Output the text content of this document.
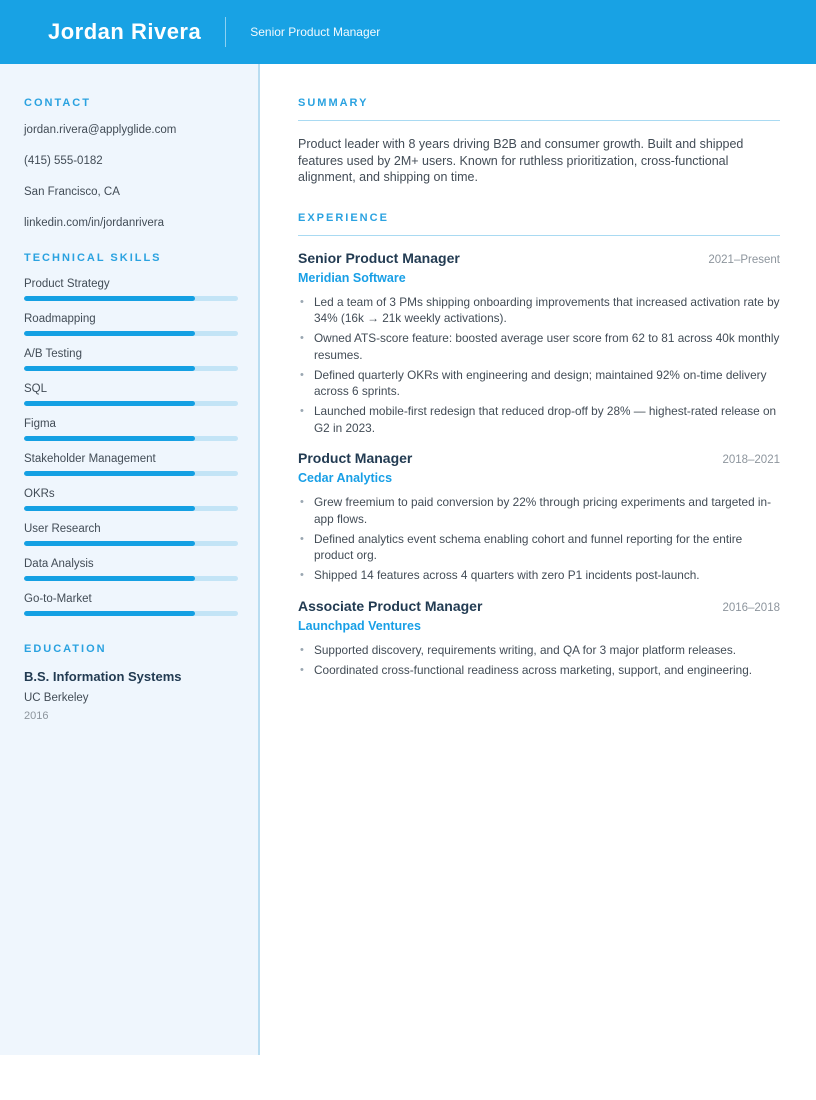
Jordan Rivera	Senior Product Manager
CONTACT
jordan.rivera@applyglide.com
(415) 555-0182
San Francisco, CA
linkedin.com/in/jordanrivera
TECHNICAL SKILLS
Product Strategy
Roadmapping
A/B Testing
SQL
Figma
Stakeholder Management
OKRs
User Research
Data Analysis
Go-to-Market
EDUCATION
B.S. Information Systems
UC Berkeley
2016
SUMMARY

Product leader with 8 years driving B2B and consumer growth. Built and shipped features used by 2M+ users. Known for ruthless prioritization, cross-functional alignment, and shipping on time.

EXPERIENCE
Senior Product Manager	2021–Present
Meridian Software
• Led a team of 3 PMs shipping onboarding improvements that increased activation rate by 34% (16k → 21k weekly activations).
• Owned ATS-score feature: boosted average user score from 62 to 81 across 40k monthly resumes.
• Defined quarterly OKRs with engineering and design; maintained 92% on-time delivery across 6 sprints.
• Launched mobile-first redesign that reduced drop-off by 28% — highest-rated release on G2 in 2023.
Product Manager	2018–2021
Cedar Analytics
• Grew freemium to paid conversion by 22% through pricing experiments and targeted in-app flows.
• Defined analytics event schema enabling cohort and funnel reporting for the entire product org.
• Shipped 14 features across 4 quarters with zero P1 incidents post-launch.
Associate Product Manager	2016–2018
Launchpad Ventures
• Supported discovery, requirements writing, and QA for 3 major platform releases.
• Coordinated cross-functional readiness across marketing, support, and engineering.
